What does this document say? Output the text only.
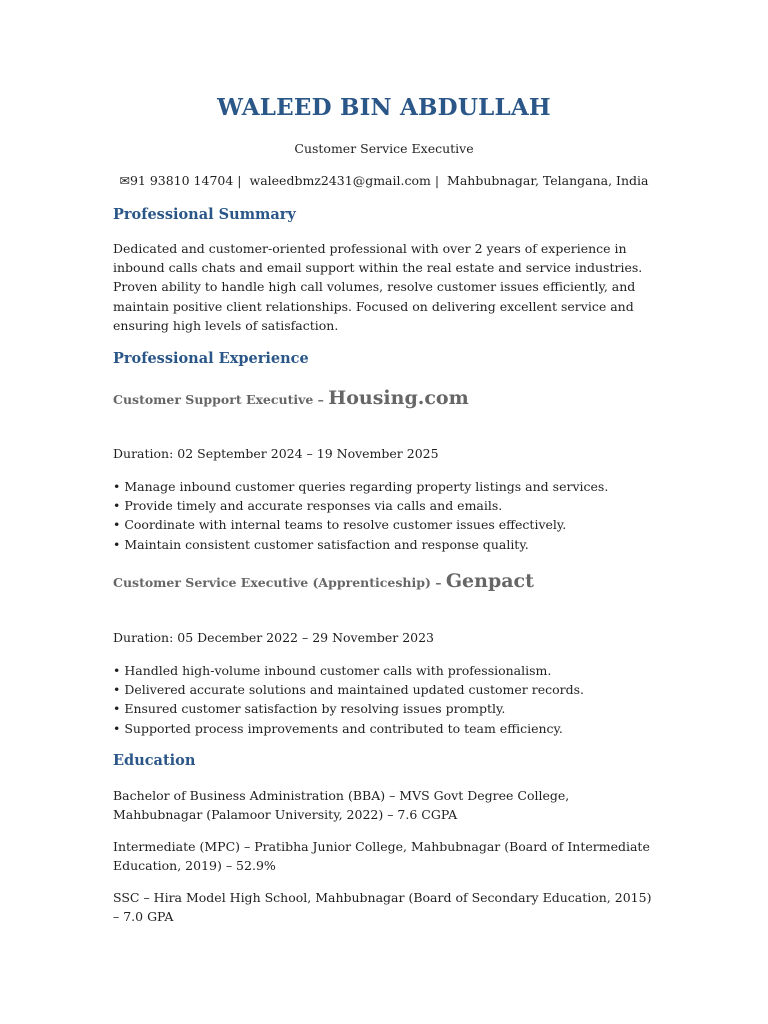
WALEED BIN ABDULLAH
Customer Service Executive
✉91 93810 14704 | waleedbmz2431@gmail.com | Mahbubnagar, Telangana, India
Professional Summary
Dedicated and customer-oriented professional with over 2 years of experience in inbound calls chats and email support within the real estate and service industries. Proven ability to handle high call volumes, resolve customer issues efficiently, and maintain positive client relationships. Focused on delivering excellent service and ensuring high levels of satisfaction.
Professional Experience
Customer Support Executive – Housing.com
Duration: 02 September 2024 – 19 November 2025
• Manage inbound customer queries regarding property listings and services.
• Provide timely and accurate responses via calls and emails.
• Coordinate with internal teams to resolve customer issues effectively.
• Maintain consistent customer satisfaction and response quality.
Customer Service Executive (Apprenticeship) – Genpact
Duration: 05 December 2022 – 29 November 2023
• Handled high-volume inbound customer calls with professionalism.
• Delivered accurate solutions and maintained updated customer records.
• Ensured customer satisfaction by resolving issues promptly.
• Supported process improvements and contributed to team efficiency.
Education
Bachelor of Business Administration (BBA) – MVS Govt Degree College, Mahbubnagar (Palamoor University, 2022) – 7.6 CGPA
Intermediate (MPC) – Pratibha Junior College, Mahbubnagar (Board of Intermediate Education, 2019) – 52.9%
SSC – Hira Model High School, Mahbubnagar (Board of Secondary Education, 2015) – 7.0 GPA
